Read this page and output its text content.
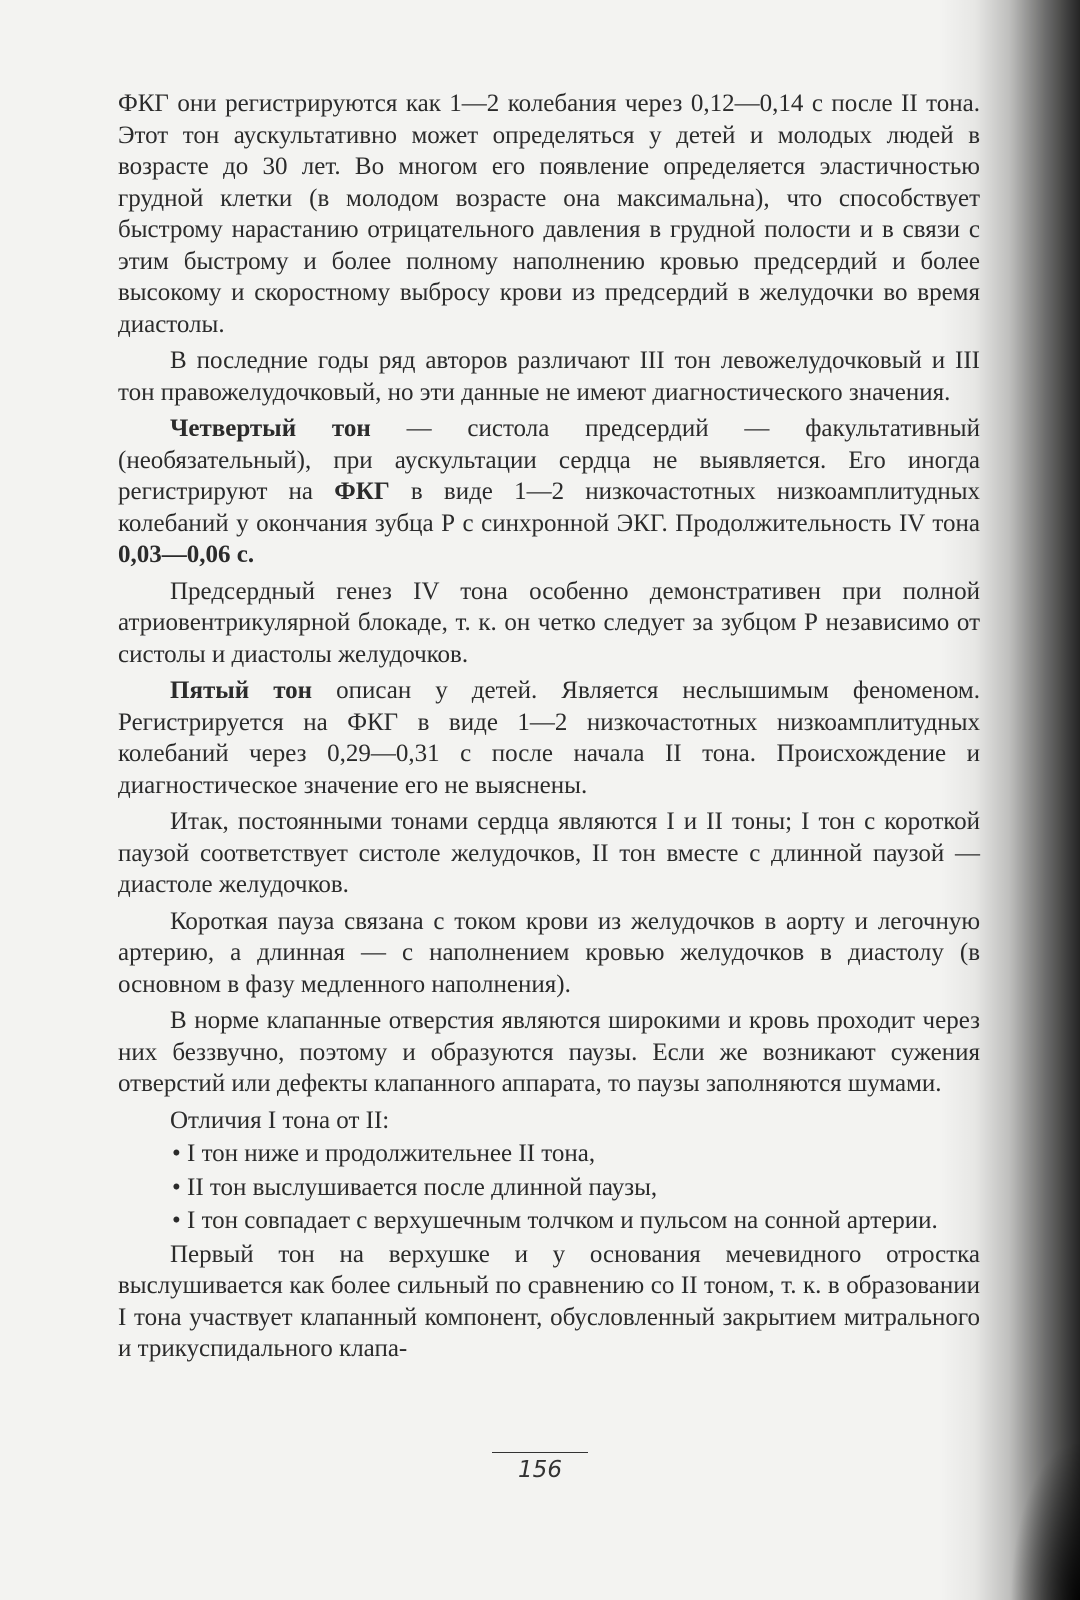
ФКГ они регистрируются как 1—2 колебания через 0,12—0,14 с после II тона. Этот тон аускультативно может определяться у детей и молодых людей в возрасте до 30 лет. Во многом его появление определяется эластичностью грудной клетки (в молодом возрасте она максимальна), что способствует быстрому нарастанию отрицательного давления в грудной полости и в связи с этим быстрому и более полному наполнению кровью предсердий и более высокому и скоростному выбросу крови из предсердий в желудочки во время диастолы.

В последние годы ряд авторов различают III тон левожелудочковый и III тон правожелудочковый, но эти данные не имеют диагностического значения.

Четвертый тон — систола предсердий — факультативный (необязательный), при аускультации сердца не выявляется. Его иногда регистрируют на ФКГ в виде 1—2 низкочастотных низкоамплитудных колебаний у окончания зубца Р с синхронной ЭКГ. Продолжительность IV тона 0,03—0,06 с.

Предсердный генез IV тона особенно демонстративен при полной атриовентрикулярной блокаде, т. к. он четко следует за зубцом Р независимо от систолы и диастолы желудочков.

Пятый тон описан у детей. Является неслышимым феноменом. Регистрируется на ФКГ в виде 1—2 низкочастотных низкоамплитудных колебаний через 0,29—0,31 с после начала II тона. Происхождение и диагностическое значение его не выяснены.

Итак, постоянными тонами сердца являются I и II тоны; I тон с короткой паузой соответствует систоле желудочков, II тон вместе с длинной паузой — диастоле желудочков.

Короткая пауза связана с током крови из желудочков в аорту и легочную артерию, а длинная — с наполнением кровью желудочков в диастолу (в основном в фазу медленного наполнения).

В норме клапанные отверстия являются широкими и кровь проходит через них беззвучно, поэтому и образуются паузы. Если же возникают сужения отверстий или дефекты клапанного аппарата, то паузы заполняются шумами.

Отличия I тона от II:

• I тон ниже и продолжительнее II тона,

• II тон выслушивается после длинной паузы,

• I тон совпадает с верхушечным толчком и пульсом на сонной артерии.

Первый тон на верхушке и у основания мечевидного отростка выслушивается как более сильный по сравнению со II тоном, т. к. в образовании I тона участвует клапанный компонент, обусловленный закрытием митрального и трикуспидального клапа-

156
